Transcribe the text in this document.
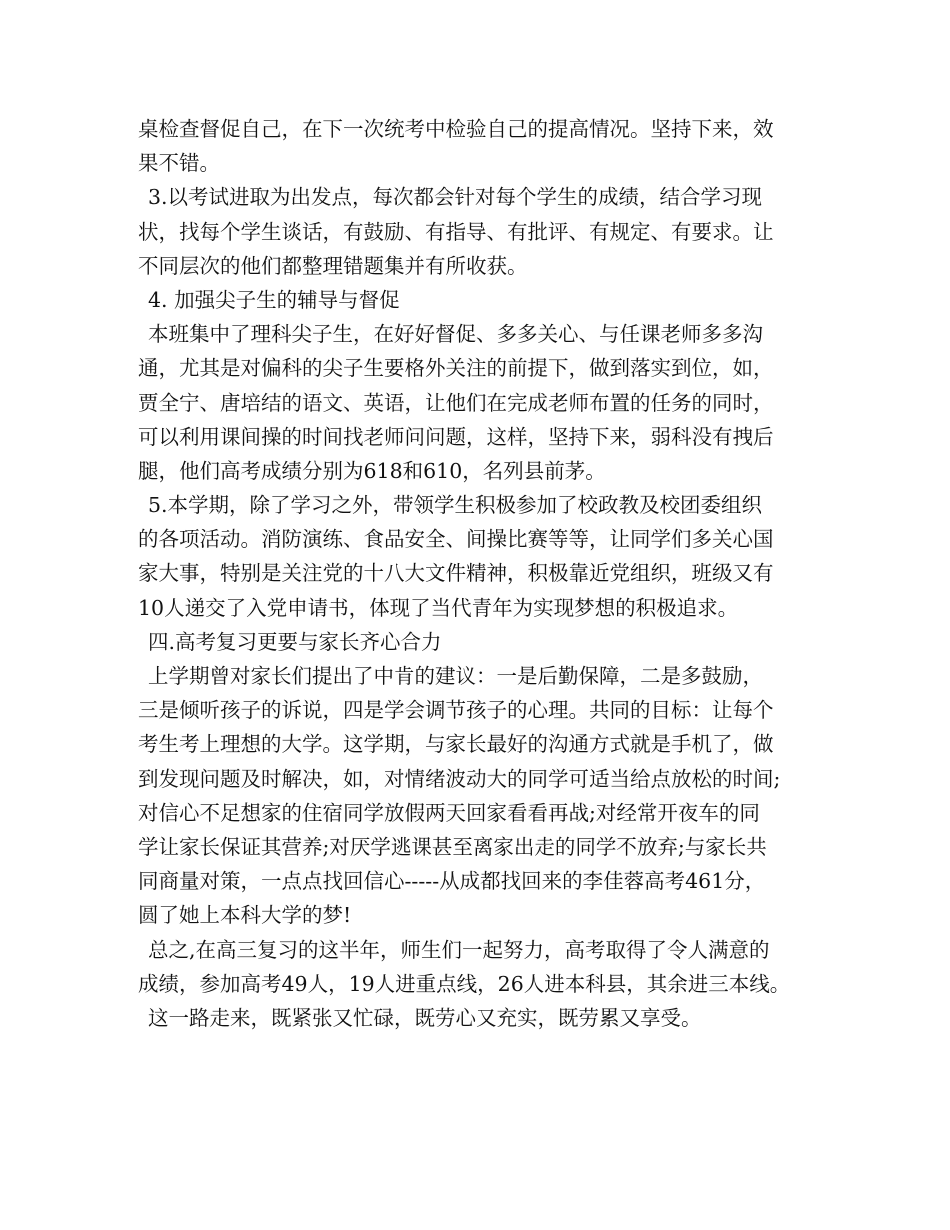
桌检查督促自己，在下一次统考中检验自己的提高情况。坚持下来，效
果不错。
3.以考试进取为出发点，每次都会针对每个学生的成绩，结合学习现
状，找每个学生谈话，有鼓励、有指导、有批评、有规定、有要求。让
不同层次的他们都整理错题集并有所收获。
4. 加强尖子生的辅导与督促
本班集中了理科尖子生，在好好督促、多多关心、与任课老师多多沟
通，尤其是对偏科的尖子生要格外关注的前提下，做到落实到位，如，
贾全宁、唐培结的语文、英语，让他们在完成老师布置的任务的同时，
可以利用课间操的时间找老师问问题，这样，坚持下来，弱科没有拽后
腿，他们高考成绩分别为618和610，名列县前茅。
5.本学期，除了学习之外，带领学生积极参加了校政教及校团委组织
的各项活动。消防演练、食品安全、间操比赛等等，让同学们多关心国
家大事，特别是关注党的十八大文件精神，积极靠近党组织，班级又有
10人递交了入党申请书，体现了当代青年为实现梦想的积极追求。
四.高考复习更要与家长齐心合力
上学期曾对家长们提出了中肯的建议：一是后勤保障，二是多鼓励，
三是倾听孩子的诉说，四是学会调节孩子的心理。共同的目标：让每个
考生考上理想的大学。这学期，与家长最好的沟通方式就是手机了，做
到发现问题及时解决，如，对情绪波动大的同学可适当给点放松的时间;
对信心不足想家的住宿同学放假两天回家看看再战;对经常开夜车的同
学让家长保证其营养;对厌学逃课甚至离家出走的同学不放弃;与家长共
同商量对策，一点点找回信心-----从成都找回来的李佳蓉高考461分，
圆了她上本科大学的梦!
总之,在高三复习的这半年，师生们一起努力，高考取得了令人满意的
成绩，参加高考49人，19人进重点线，26人进本科县，其余进三本线。
这一路走来，既紧张又忙碌，既劳心又充实，既劳累又享受。
